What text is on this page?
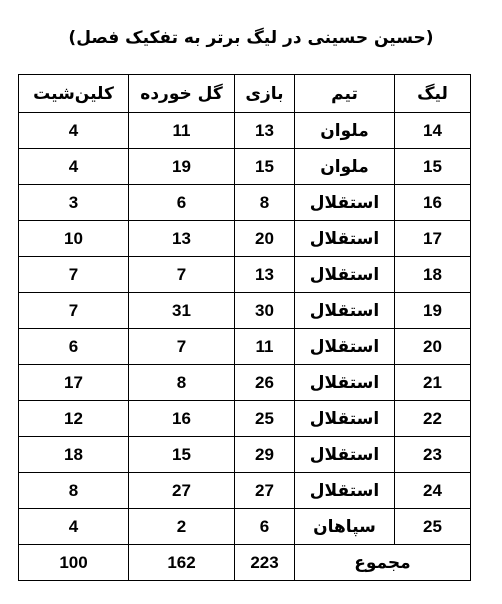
(حسین حسینی در لیگ برتر به تفکیک فصل)
کلین‌شیت	گل خورده	بازی	تیم	لیگ
4	11	13	ملوان	14
4	19	15	ملوان	15
3	6	8	استقلال	16
10	13	20	استقلال	17
7	7	13	استقلال	18
7	31	30	استقلال	19
6	7	11	استقلال	20
17	8	26	استقلال	21
12	16	25	استقلال	22
18	15	29	استقلال	23
8	27	27	استقلال	24
4	2	6	سپاهان	25
100	162	223	مجموع	
